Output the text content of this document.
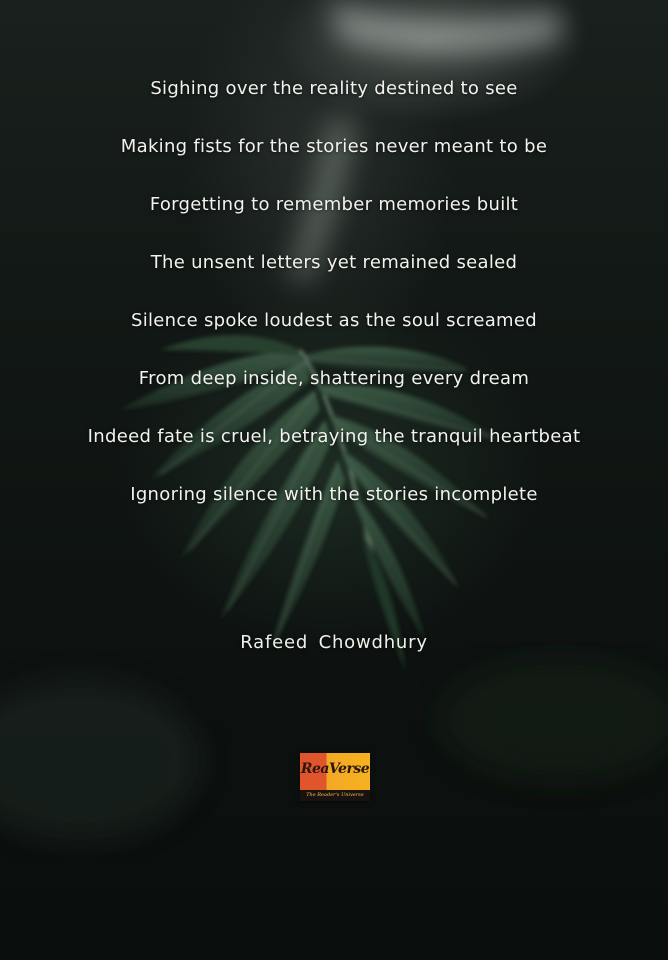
Sighing over the reality destined to see
Making fists for the stories never meant to be
Forgetting to remember memories built
The unsent letters yet remained sealed
Silence spoke loudest as the soul screamed
From deep inside, shattering every dream
Indeed fate is cruel, betraying the tranquil heartbeat
Ignoring silence with the stories incomplete
Rafeed Chowdhury
ReaVerse
The Reader's Universe
